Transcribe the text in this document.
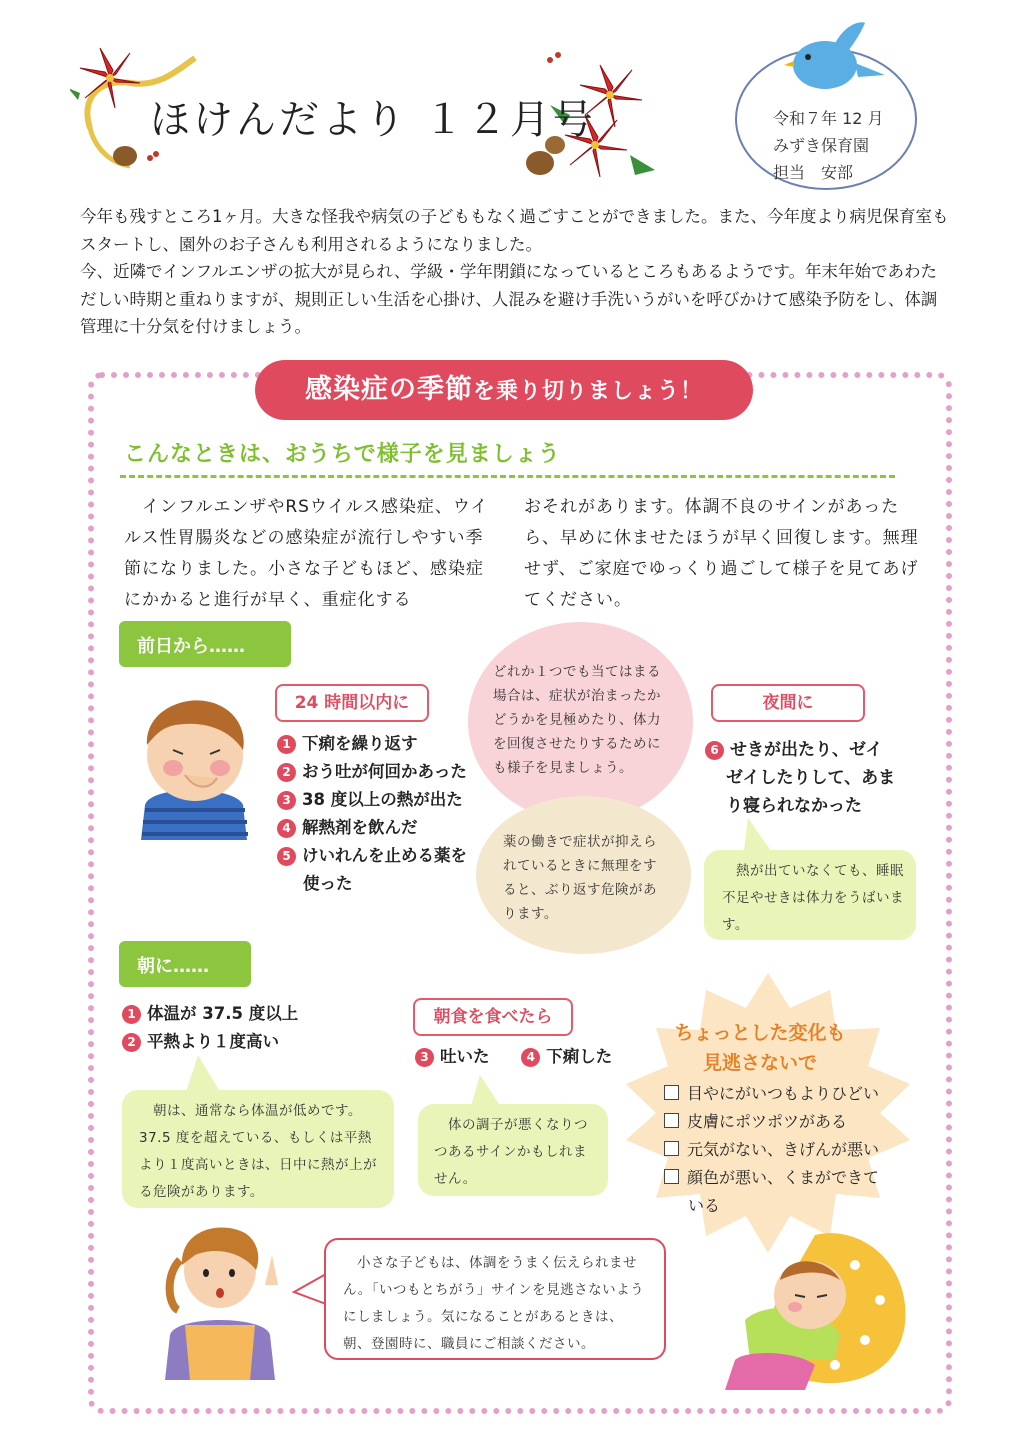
ほけんだより １２月号	令和７年 12 月
みずき保育園
担当　安部

今年も残すところ1ヶ月。大きな怪我や病気の子どももなく過ごすことができました。また、今年度より病児保育室もスタートし、園外のお子さんも利用されるようになりました。

今、近隣でインフルエンザの拡大が見られ、学級・学年閉鎖になっているところもあるようです。年末年始であわただしい時期と重ねりますが、規則正しい生活を心掛け、人混みを避け手洗いうがいを呼びかけて感染予防をし、体調管理に十分気を付けましょう。

感染症の季節を乗り切りましょう！
こんなときは、おうちで様子を見ましょう
　インフルエンザやRSウイルス感染症、ウイルス性胃腸炎などの感染症が流行しやすい季節になりました。小さな子どもほど、感染症にかかると進行が早く、重症化する
おそれがあります。体調不良のサインがあったら、早めに休ませたほうが早く回復します。無理せず、ご家庭でゆっくり過ごして様子を見てあげてください。
前日から……
24 時間以内に
1 下痢を繰り返す
2 おう吐が何回かあった
3 38 度以上の熱が出た
4 解熱剤を飲んだ
5 けいれんを止める薬を
使った
どれか１つでも当てはまる場合は、症状が治まったかどうかを見極めたり、体力を回復させたりするためにも様子を見ましょう。
薬の働きで症状が抑えられているときに無理をすると、ぶり返す危険があります。
夜間に
6 せきが出たり、ゼイ
ゼイしたりして、あま
り寝られなかった
　熱が出ていなくても、睡眠不足やせきは体力をうばいます。
朝に……
1 体温が 37.5 度以上
2 平熱より１度高い
　朝は、通常なら体温が低めです。37.5 度を超えている、もしくは平熱より１度高いときは、日中に熱が上がる危険があります。
朝食を食べたら
3 吐いた	4 下痢した
　体の調子が悪くなりつつあるサインかもしれません。
ちょっとした変化も
見逃さないで
目やにがいつもよりひどい
皮膚にポツポツがある
元気がない、きげんが悪い
顔色が悪い、くまができて
いる
　小さな子どもは、体調をうまく伝えられません。「いつもとちがう」サインを見逃さないようにしましょう。気になることがあるときは、朝、登園時に、職員にご相談ください。
